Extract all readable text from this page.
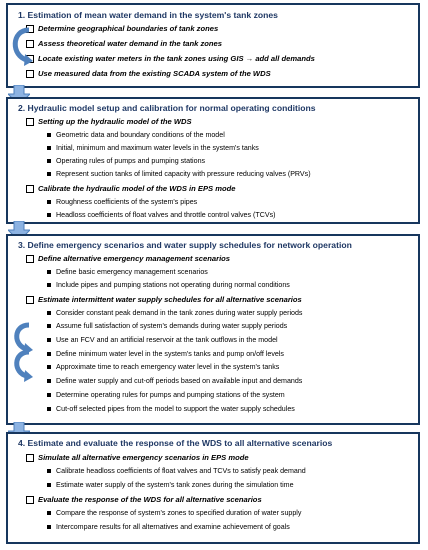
1. Estimation of mean water demand in the system's tank zones
Determine geographical boundaries of tank zones
Assess theoretical water demand in the tank zones
Locate existing water meters in the tank zones using GIS → add all demands
Use measured data from the existing SCADA system of the WDS
2. Hydraulic model setup and calibration for normal operating conditions
Setting up the hydraulic model of the WDS
Geometric data and boundary conditions of the model
Initial, minimum and maximum water levels in the system's tanks
Operating rules of pumps and pumping stations
Represent suction tanks of limited capacity with pressure reducing valves (PRVs)
Calibrate the hydraulic model of the WDS in EPS mode
Roughness coefficients of the system's pipes
Headloss coefficients of float valves and throttle control valves (TCVs)
3. Define emergency scenarios and water supply schedules for network operation
Define alternative emergency management scenarios
Define basic emergency management scenarios
Include pipes and pumping stations not operating during normal conditions
Estimate intermittent water supply schedules for all alternative scenarios
Consider constant peak demand in the tank zones during water supply periods
Assume full satisfaction of system's demands during water supply periods
Use an FCV and an artificial reservoir at the tank outflows in the model
Define minimum water level in the system's tanks and pump on/off levels
Approximate time to reach emergency water level in the system's tanks
Define water supply and cut-off periods based on available input and demands
Determine operating rules for pumps and pumping stations of the system
Cut-off selected pipes from the model to support the water supply schedules
4. Estimate and evaluate the response of the WDS to all alternative scenarios
Simulate all alternative emergency scenarios in EPS mode
Calibrate headloss coefficients of float valves and TCVs to satisfy peak demand
Estimate water supply of the system's tank zones during the simulation time
Evaluate the response of the WDS for all alternative scenarios
Compare the response of system's zones to specified duration of water supply
Intercompare results for all alternatives and examine achievement of goals
